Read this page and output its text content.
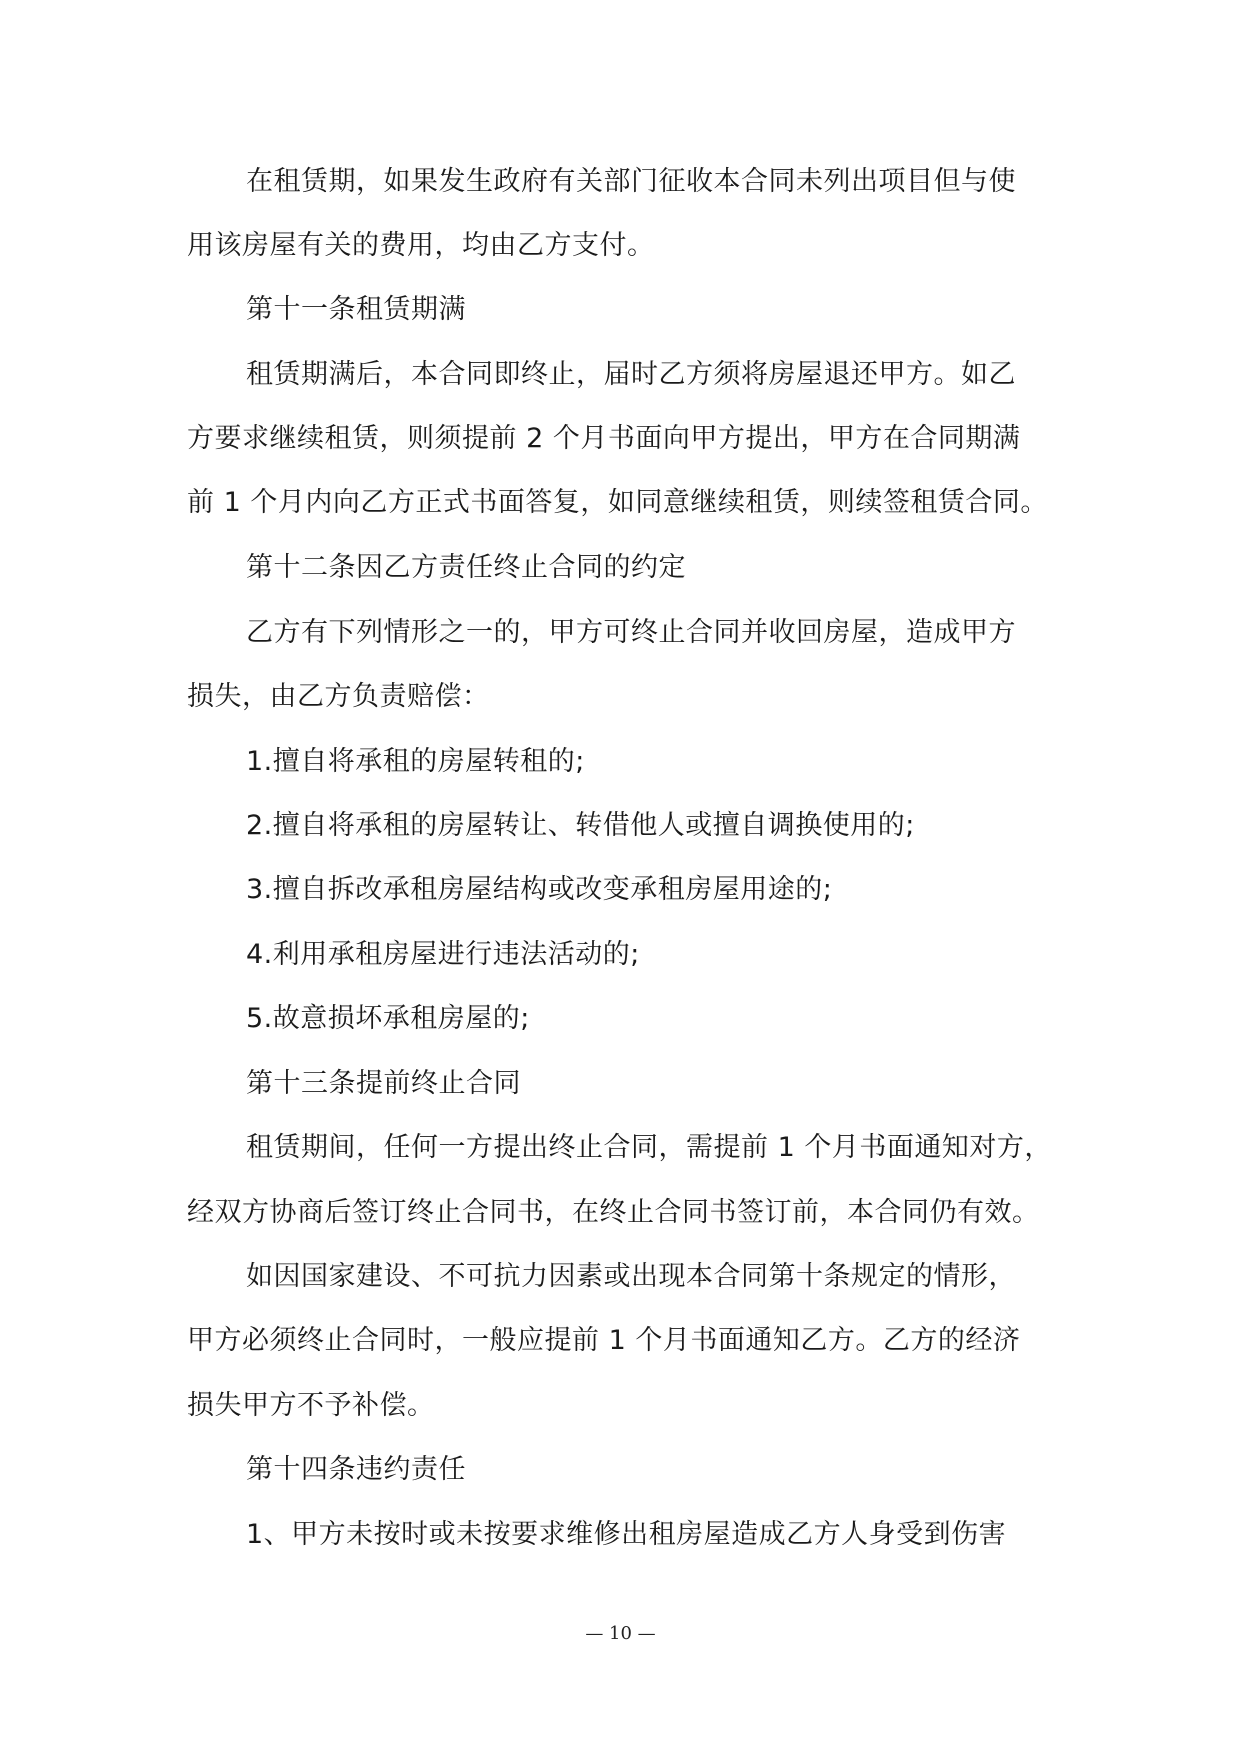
在租赁期，如果发生政府有关部门征收本合同未列出项目但与使
用该房屋有关的费用，均由乙方支付。
第十一条租赁期满
租赁期满后，本合同即终止，届时乙方须将房屋退还甲方。如乙
方要求继续租赁，则须提前 2 个月书面向甲方提出，甲方在合同期满
前 1 个月内向乙方正式书面答复，如同意继续租赁，则续签租赁合同。
第十二条因乙方责任终止合同的约定
乙方有下列情形之一的，甲方可终止合同并收回房屋，造成甲方
损失，由乙方负责赔偿：
1.擅自将承租的房屋转租的;
2.擅自将承租的房屋转让、转借他人或擅自调换使用的;
3.擅自拆改承租房屋结构或改变承租房屋用途的;
4.利用承租房屋进行违法活动的;
5.故意损坏承租房屋的;
第十三条提前终止合同
租赁期间，任何一方提出终止合同，需提前 1 个月书面通知对方，
经双方协商后签订终止合同书，在终止合同书签订前，本合同仍有效。
如因国家建设、不可抗力因素或出现本合同第十条规定的情形，
甲方必须终止合同时，一般应提前 1 个月书面通知乙方。乙方的经济
损失甲方不予补偿。
第十四条违约责任
1、甲方未按时或未按要求维修出租房屋造成乙方人身受到伤害
— 10 —
